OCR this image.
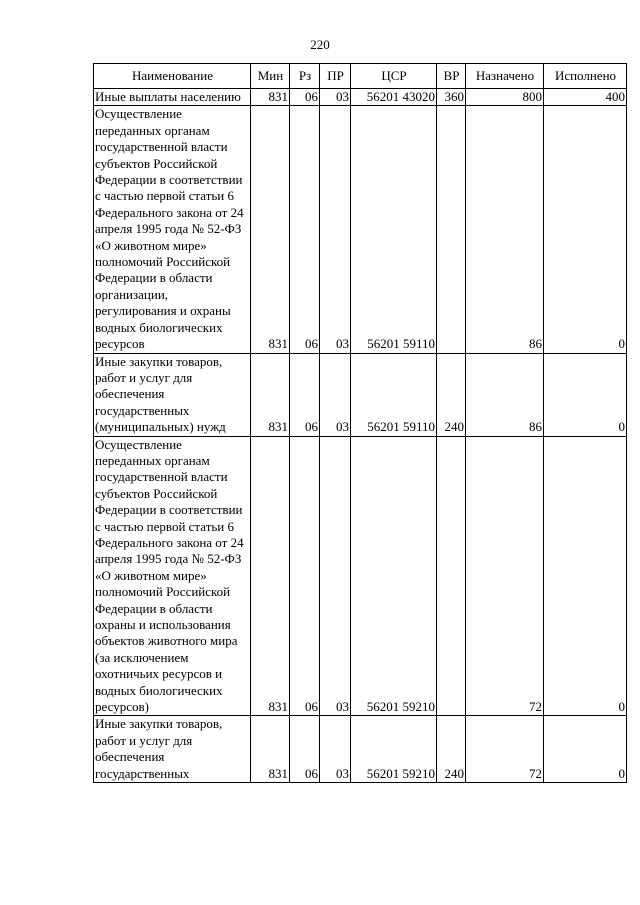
220
Наименование	Мин	Рз	ПР	ЦСР	ВР	Назначено	Исполнено
Иные выплаты населению	831	06	03	56201 43020	360	800	400
Осуществление переданных органам государственной власти субъектов Российской Федерации в соответствии с частью первой статьи 6 Федерального закона от 24 апреля 1995 года № 52-ФЗ «О животном мире» полномочий Российской Федерации в области организации, регулирования и охраны водных биологических ресурсов	831	06	03	56201 59110		86	0
Иные закупки товаров, работ и услуг для обеспечения государственных (муниципальных) нужд	831	06	03	56201 59110	240	86	0
Осуществление переданных органам государственной власти субъектов Российской Федерации в соответствии с частью первой статьи 6 Федерального закона от 24 апреля 1995 года № 52-ФЗ «О животном мире» полномочий Российской Федерации в области охраны и использования объектов животного мира (за исключением охотничьих ресурсов и водных биологических ресурсов)	831	06	03	56201 59210		72	0
Иные закупки товаров, работ и услуг для обеспечения государственных	831	06	03	56201 59210	240	72	0
